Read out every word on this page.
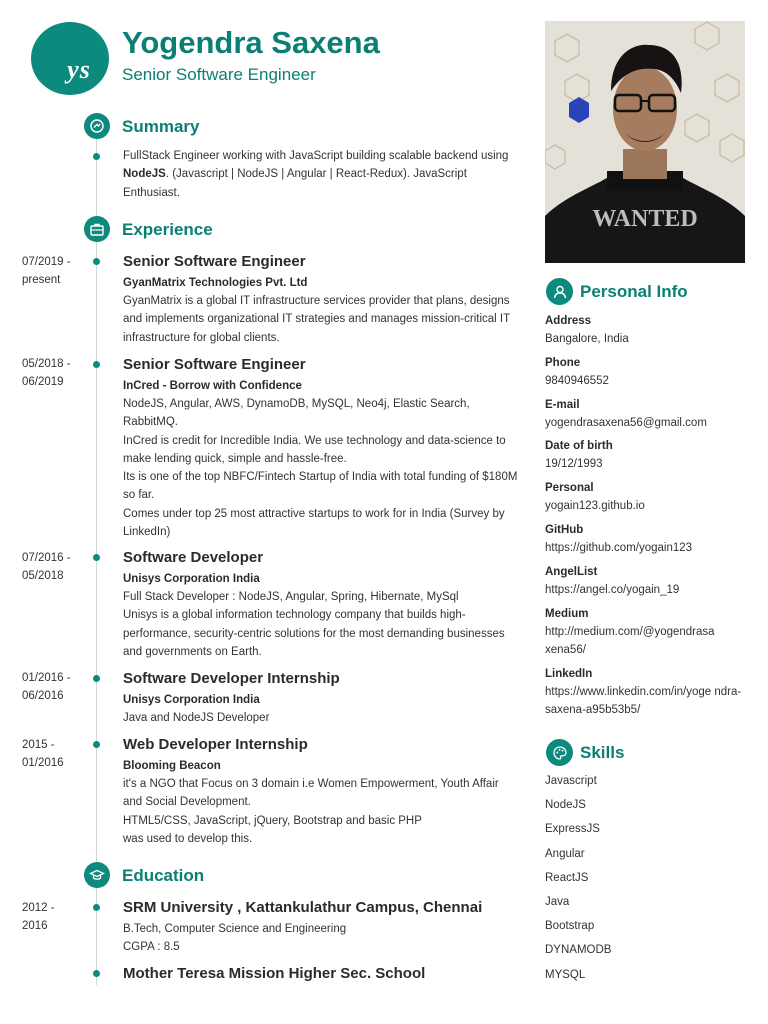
ys
Yogendra Saxena
Senior Software Engineer
Summary
FullStack Engineer working with JavaScript building scalable backend using NodeJS. (Javascript | NodeJS | Angular | React-Redux). JavaScript Enthusiast.
Experience
07/2019 -
present
Senior Software Engineer
GyanMatrix Technologies Pvt. Ltd
GyanMatrix is a global IT infrastructure services provider that plans, designs and implements organizational IT strategies and manages mission-critical IT infrastructure for global clients.
05/2018 -
06/2019
Senior Software Engineer
InCred - Borrow with Confidence
NodeJS, Angular, AWS, DynamoDB, MySQL, Neo4j, Elastic Search, RabbitMQ.
InCred is credit for Incredible India. We use technology and data-science to make lending quick, simple and hassle-free.
Its is one of the top NBFC/Fintech Startup of India with total funding of $180M so far.
Comes under top 25 most attractive startups to work for in India (Survey by LinkedIn)
07/2016 -
05/2018
Software Developer
Unisys Corporation India
Full Stack Developer : NodeJS, Angular, Spring, Hibernate, MySql
Unisys is a global information technology company that builds high-performance, security-centric solutions for the most demanding businesses and governments on Earth.
01/2016 -
06/2016
Software Developer Internship
Unisys Corporation India
Java and NodeJS Developer
2015 -
01/2016
Web Developer Internship
Blooming Beacon
it's a NGO that Focus on 3 domain i.e Women Empowerment, Youth Affair and Social Development.
HTML5/CSS, JavaScript, jQuery, Bootstrap and basic PHP
was used to develop this.
Education
2012 -
2016
SRM University , Kattankulathur Campus, Chennai
B.Tech, Computer Science and Engineering
CGPA : 8.5
Mother Teresa Mission Higher Sec. School
WANTED
Personal Info
Address
Bangalore, India
Phone
9840946552
E-mail
yogendrasaxena56@gmail.com
Date of birth
19/12/1993
Personal
yogain123.github.io
GitHub
https://github.com/yogain123
AngelList
https://angel.co/yogain_19
Medium
http://medium.com/@yogendrasaxena56/
LinkedIn
https://www.linkedin.com/in/yoge ndra-saxena-a95b53b5/
Skills
Javascript
NodeJS
ExpressJS
Angular
ReactJS
Java
Bootstrap
DYNAMODB
MYSQL
